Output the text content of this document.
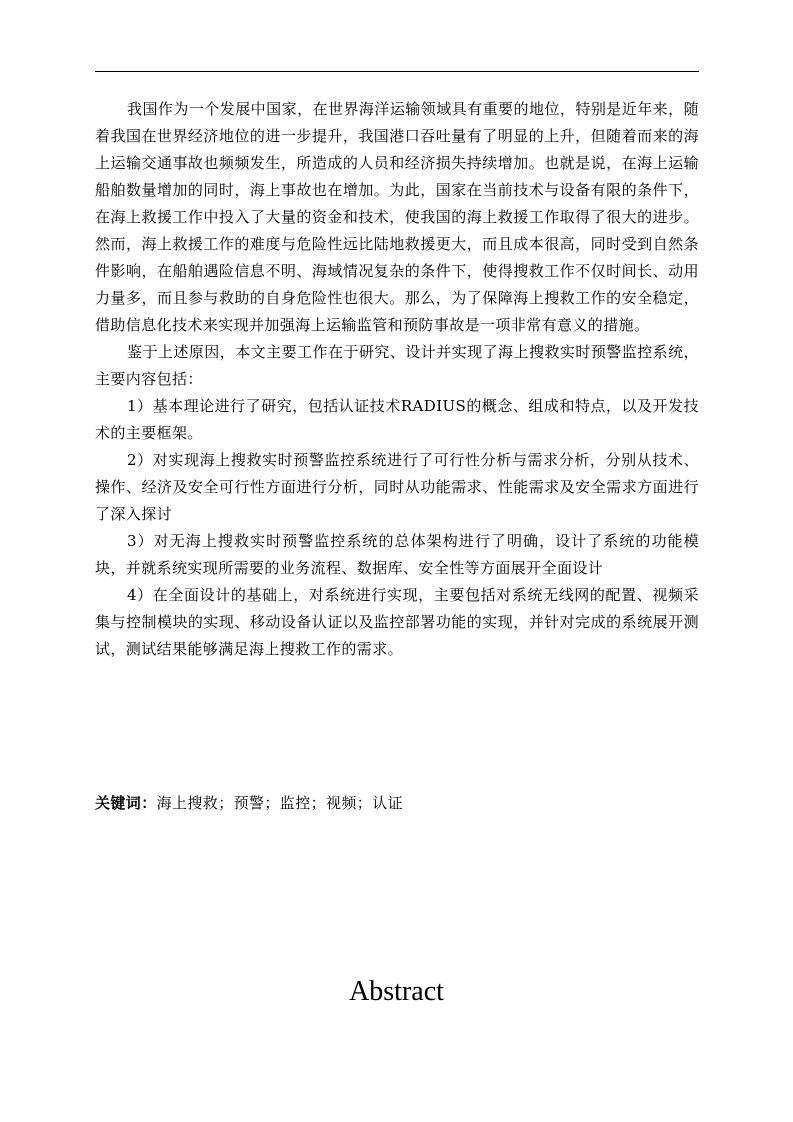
我国作为一个发展中国家，在世界海洋运输领域具有重要的地位，特别是近年来，随着我国在世界经济地位的进一步提升，我国港口吞吐量有了明显的上升，但随着而来的海上运输交通事故也频频发生，所造成的人员和经济损失持续增加。也就是说，在海上运输船舶数量增加的同时，海上事故也在增加。为此，国家在当前技术与设备有限的条件下，在海上救援工作中投入了大量的资金和技术，使我国的海上救援工作取得了很大的进步。然而，海上救援工作的难度与危险性远比陆地救援更大，而且成本很高，同时受到自然条件影响，在船舶遇险信息不明、海域情况复杂的条件下，使得搜救工作不仅时间长、动用力量多，而且参与救助的自身危险性也很大。那么，为了保障海上搜救工作的安全稳定，借助信息化技术来实现并加强海上运输监管和预防事故是一项非常有意义的措施。

鉴于上述原因，本文主要工作在于研究、设计并实现了海上搜救实时预警监控系统，主要内容包括：

1）基本理论进行了研究，包括认证技术RADIUS的概念、组成和特点，以及开发技术的主要框架。

2）对实现海上搜救实时预警监控系统进行了可行性分析与需求分析，分别从技术、操作、经济及安全可行性方面进行分析，同时从功能需求、性能需求及安全需求方面进行了深入探讨

3）对无海上搜救实时预警监控系统的总体架构进行了明确，设计了系统的功能模块，并就系统实现所需要的业务流程、数据库、安全性等方面展开全面设计

4）在全面设计的基础上，对系统进行实现，主要包括对系统无线网的配置、视频采集与控制模块的实现、移动设备认证以及监控部署功能的实现，并针对完成的系统展开测试，测试结果能够满足海上搜救工作的需求。

关键词：海上搜救；预警；监控；视频；认证
Abstract
